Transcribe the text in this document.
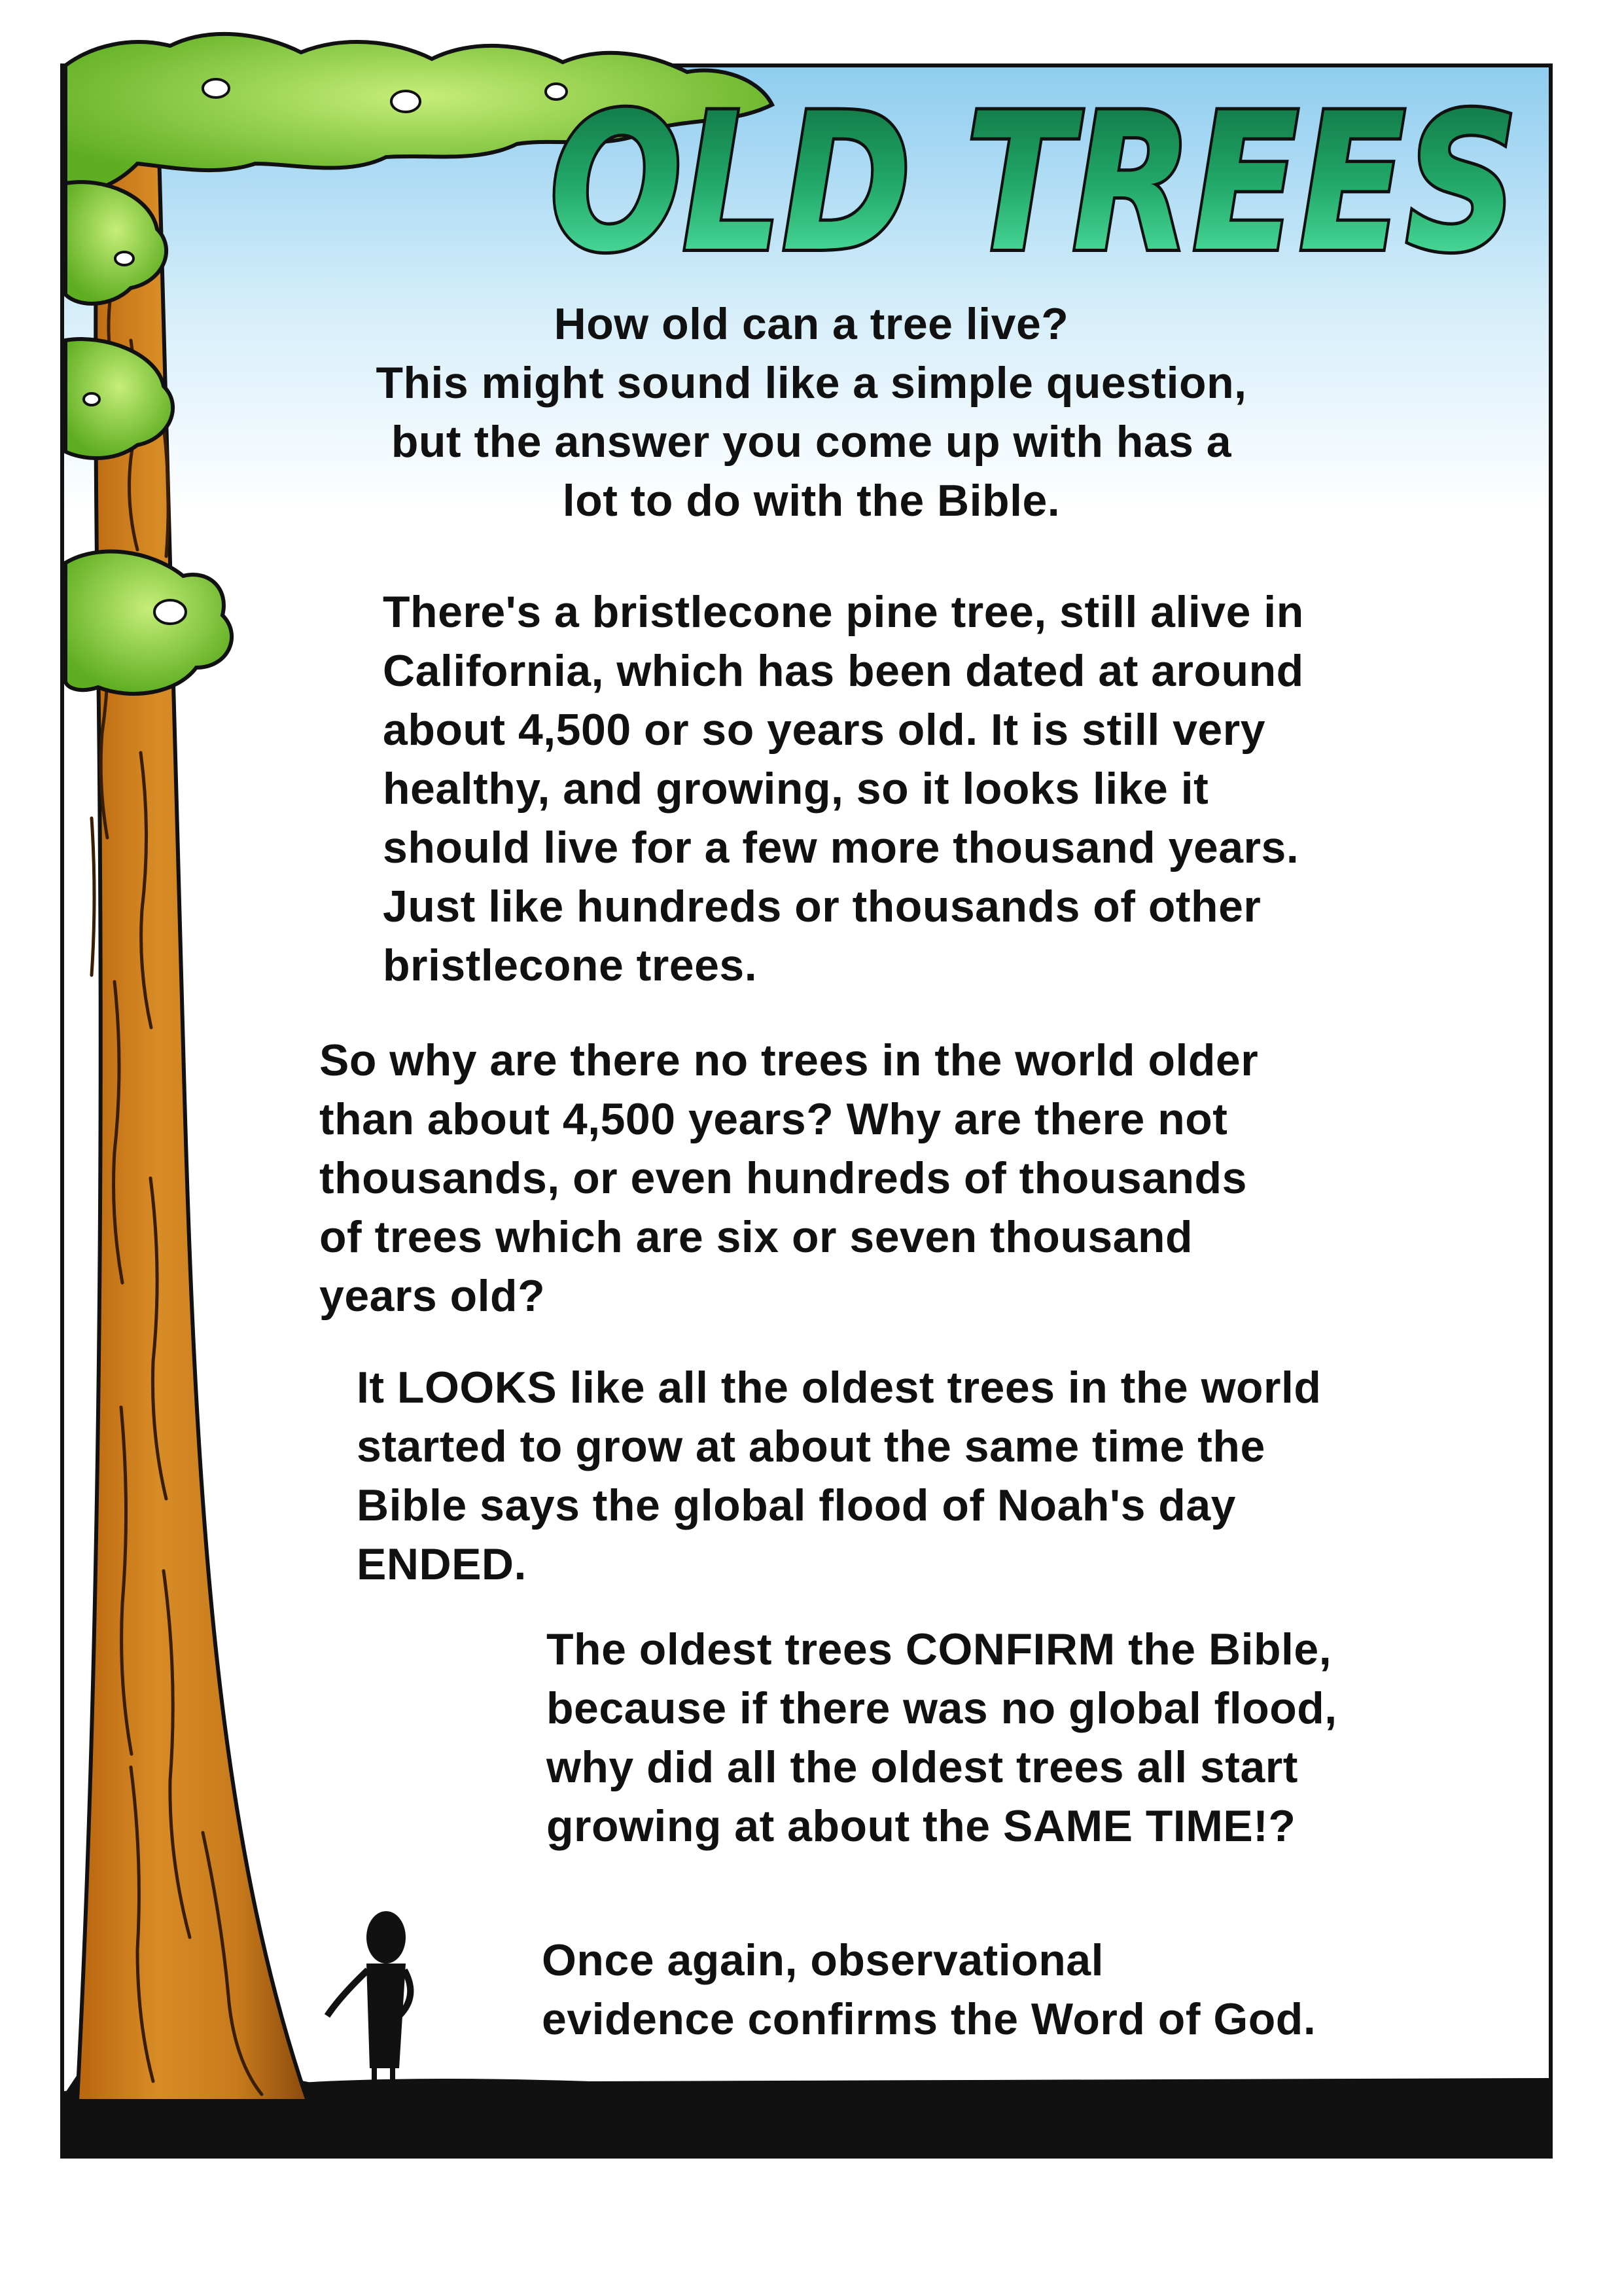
OLD TREES

How old can a tree live?
This might sound like a simple question,
but the answer you come up with has a
lot to do with the Bible.

There's a bristlecone pine tree, still alive in
California, which has been dated at around
about 4,500 or so years old. It is still very
healthy, and growing, so it looks like it
should live for a few more thousand years.
Just like hundreds or thousands of other
bristlecone trees.

So why are there no trees in the world older
than about 4,500 years? Why are there not
thousands, or even hundreds of thousands
of trees which are six or seven thousand
years old?

It LOOKS like all the oldest trees in the world
started to grow at about the same time the
Bible says the global flood of Noah's day
ENDED.

The oldest trees CONFIRM the Bible,
because if there was no global flood,
why did all the oldest trees all start
growing at about the SAME TIME!?

Once again, observational
evidence confirms the Word of God.
